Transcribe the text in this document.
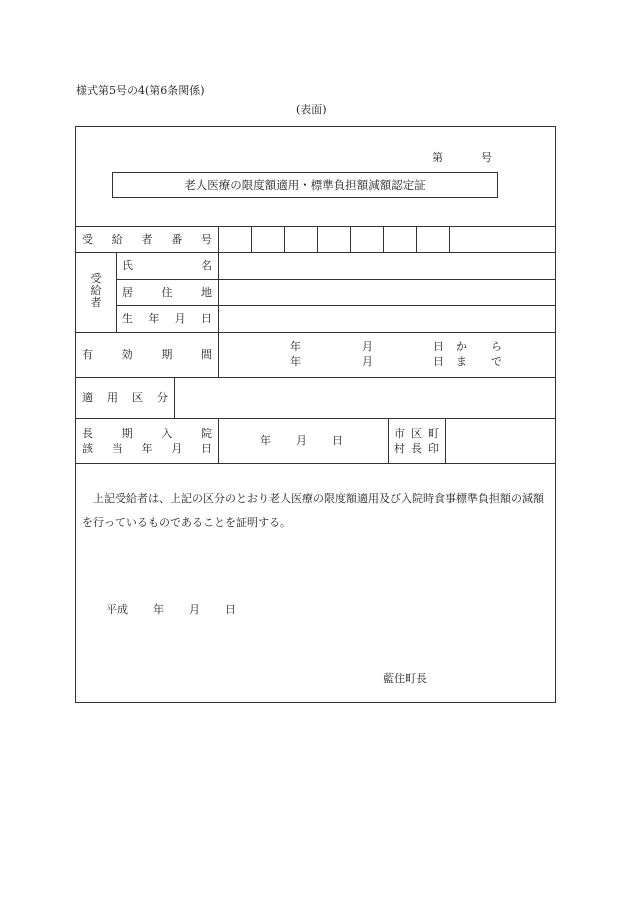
様式第5号の4(第6条関係)
(表面)
第	号
老人医療の限度額適用・標準負担額減額認定証
受 給 者 番 号
受
給
者
氏	名
居	住	地
生 年 月 日
有	効	期	間
年	月	日 か ら
年	月	日 ま で
適 用 区 分
長	期	入	院
該 当 年 月 日
年 月 日
市 区 町
村 長 印
上記受給者は、上記の区分のとおり老人医療の限度額適用及び入院時食事標準負担額の減額を行っているものであることを証明する。
平成 年 月 日
藍住町長
